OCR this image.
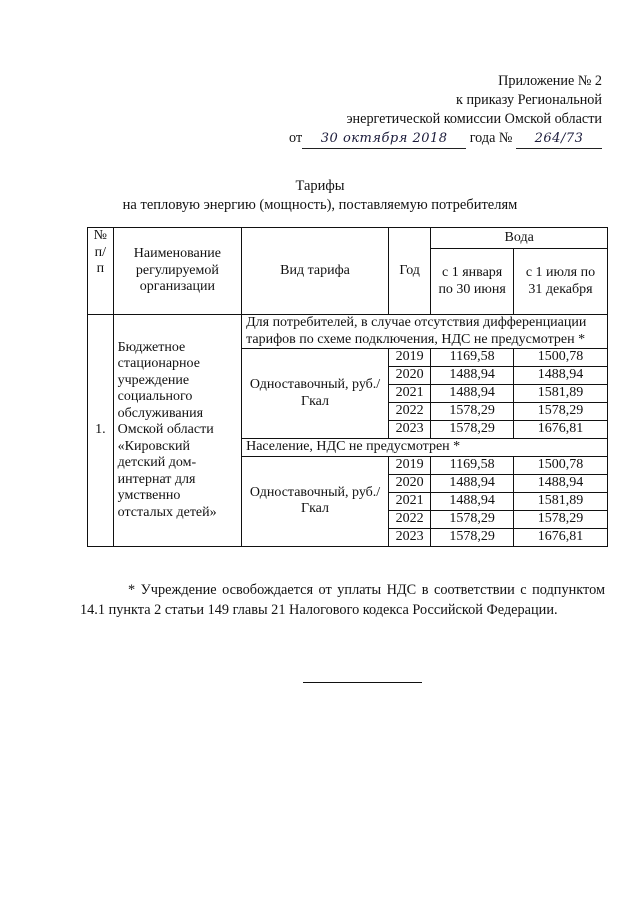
Приложение № 2
к приказу Региональной
энергетической комиссии Омской области
от 30 октября 2018 года № 264/73
Тарифы
на тепловую энергию (мощность), поставляемую потребителям
№ п/п	Наименование регулируемой организации	Вид тарифа	Год	Вода	
				с 1 января по 30 июня	с 1 июля по 31 декабря
1.	Бюджетное стационарное учреждение социального обслуживания Омской области «Кировский детский дом-интернат для умственно отсталых детей»	Для потребителей, в случае отсутствия дифференциации тарифов по схеме подключения, НДС не предусмотрен *			
		Одноставочный, руб./Гкал	2019	1169,58	1500,78
			2020	1488,94	1488,94
			2021	1488,94	1581,89
			2022	1578,29	1578,29
			2023	1578,29	1676,81
		Население, НДС не предусмотрен *			
		Одноставочный, руб./Гкал	2019	1169,58	1500,78
			2020	1488,94	1488,94
			2021	1488,94	1581,89
			2022	1578,29	1578,29
			2023	1578,29	1676,81
* Учреждение освобождается от уплаты НДС в соответствии с подпунктом 14.1 пункта 2 статьи 149 главы 21 Налогового кодекса Российской Федерации.
